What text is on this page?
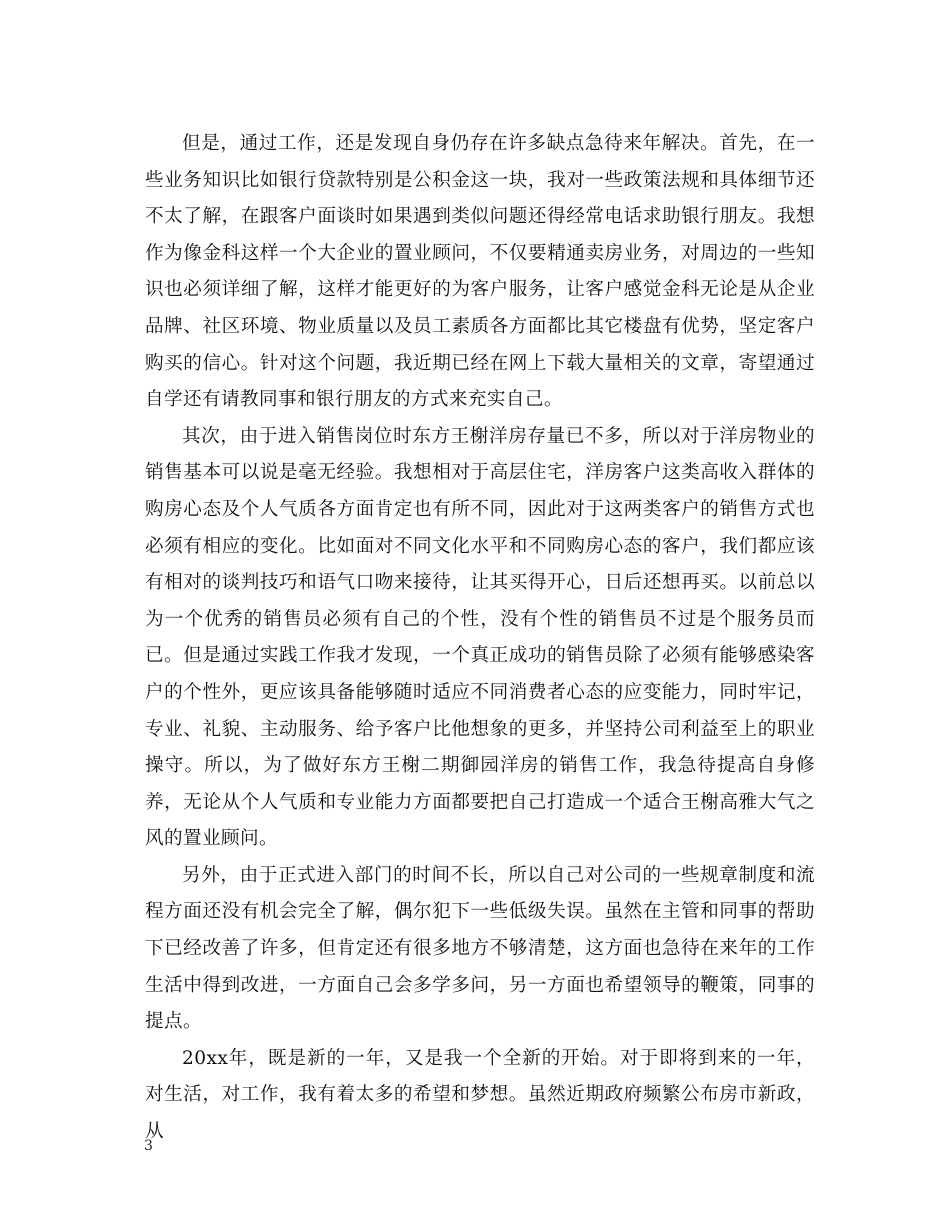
但是，通过工作，还是发现自身仍存在许多缺点急待来年解决。首先，在一些业务知识比如银行贷款特别是公积金这一块，我对一些政策法规和具体细节还不太了解，在跟客户面谈时如果遇到类似问题还得经常电话求助银行朋友。我想作为像金科这样一个大企业的置业顾问，不仅要精通卖房业务，对周边的一些知识也必须详细了解，这样才能更好的为客户服务，让客户感觉金科无论是从企业品牌、社区环境、物业质量以及员工素质各方面都比其它楼盘有优势，坚定客户购买的信心。针对这个问题，我近期已经在网上下载大量相关的文章，寄望通过自学还有请教同事和银行朋友的方式来充实自己。

其次，由于进入销售岗位时东方王榭洋房存量已不多，所以对于洋房物业的销售基本可以说是毫无经验。我想相对于高层住宅，洋房客户这类高收入群体的购房心态及个人气质各方面肯定也有所不同，因此对于这两类客户的销售方式也必须有相应的变化。比如面对不同文化水平和不同购房心态的客户，我们都应该有相对的谈判技巧和语气口吻来接待，让其买得开心，日后还想再买。以前总以为一个优秀的销售员必须有自己的个性，没有个性的销售员不过是个服务员而已。但是通过实践工作我才发现，一个真正成功的销售员除了必须有能够感染客户的个性外，更应该具备能够随时适应不同消费者心态的应变能力，同时牢记，专业、礼貌、主动服务、给予客户比他想象的更多，并坚持公司利益至上的职业操守。所以，为了做好东方王榭二期御园洋房的销售工作，我急待提高自身修养，无论从个人气质和专业能力方面都要把自己打造成一个适合王榭高雅大气之风的置业顾问。

另外，由于正式进入部门的时间不长，所以自己对公司的一些规章制度和流程方面还没有机会完全了解，偶尔犯下一些低级失误。虽然在主管和同事的帮助下已经改善了许多，但肯定还有很多地方不够清楚，这方面也急待在来年的工作生活中得到改进，一方面自己会多学多问，另一方面也希望领导的鞭策，同事的提点。

20xx年，既是新的一年，又是我一个全新的开始。对于即将到来的一年，对生活，对工作，我有着太多的希望和梦想。虽然近期政府频繁公布房市新政，从

3
